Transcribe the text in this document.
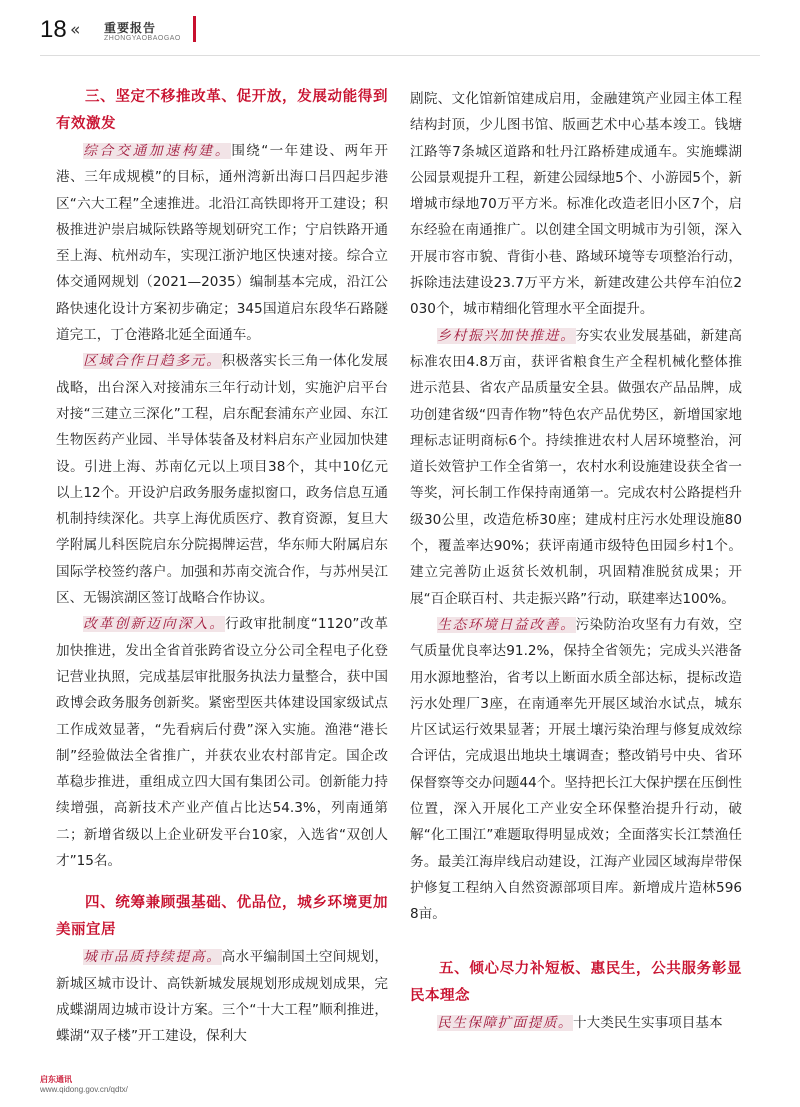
18 « 重要报告
ZHONGYAOBAOGAO

三、坚定不移推改革、促开放，发展动能得到有效激发

综合交通加速构建。围绕“一年建设、两年开港、三年成规模”的目标，通州湾新出海口吕四起步港区“六大工程”全速推进。北沿江高铁即将开工建设；积极推进沪崇启城际铁路等规划研究工作；宁启铁路开通至上海、杭州动车，实现江浙沪地区快速对接。综合立体交通网规划（2021—2035）编制基本完成，沿江公路快速化设计方案初步确定；345国道启东段华石路隧道完工，丁仓港路北延全面通车。

区域合作日趋多元。积极落实长三角一体化发展战略，出台深入对接浦东三年行动计划，实施沪启平台对接“三建立三深化”工程，启东配套浦东产业园、东江生物医药产业园、半导体装备及材料启东产业园加快建设。引进上海、苏南亿元以上项目38个，其中10亿元以上12个。开设沪启政务服务虚拟窗口，政务信息互通机制持续深化。共享上海优质医疗、教育资源，复旦大学附属儿科医院启东分院揭牌运营，华东师大附属启东国际学校签约落户。加强和苏南交流合作，与苏州吴江区、无锡滨湖区签订战略合作协议。

改革创新迈向深入。行政审批制度“1120”改革加快推进，发出全省首张跨省设立分公司全程电子化登记营业执照，完成基层审批服务执法力量整合，获中国政博会政务服务创新奖。紧密型医共体建设国家级试点工作成效显著，“先看病后付费”深入实施。渔港“港长制”经验做法全省推广，并获农业农村部肯定。国企改革稳步推进，重组成立四大国有集团公司。创新能力持续增强，高新技术产业产值占比达54.3%，列南通第二；新增省级以上企业研发平台10家，入选省“双创人才”15名。

四、统筹兼顾强基础、优品位，城乡环境更加美丽宜居

城市品质持续提高。高水平编制国土空间规划，新城区城市设计、高铁新城发展规划形成规划成果，完成蝶湖周边城市设计方案。三个“十大工程”顺利推进，蝶湖“双子楼”开工建设，保利大

剧院、文化馆新馆建成启用，金融建筑产业园主体工程结构封顶，少儿图书馆、版画艺术中心基本竣工。钱塘江路等7条城区道路和牡丹江路桥建成通车。实施蝶湖公园景观提升工程，新建公园绿地5个、小游园5个，新增城市绿地70万平方米。标准化改造老旧小区7个，启东经验在南通推广。以创建全国文明城市为引领，深入开展市容市貌、背街小巷、路域环境等专项整治行动，拆除违法建设23.7万平方米，新建改建公共停车泊位2030个，城市精细化管理水平全面提升。

乡村振兴加快推进。夯实农业发展基础，新建高标准农田4.8万亩，获评省粮食生产全程机械化整体推进示范县、省农产品质量安全县。做强农产品品牌，成功创建省级“四青作物”特色农产品优势区，新增国家地理标志证明商标6个。持续推进农村人居环境整治，河道长效管护工作全省第一，农村水利设施建设获全省一等奖，河长制工作保持南通第一。完成农村公路提档升级30公里，改造危桥30座；建成村庄污水处理设施80个，覆盖率达90%；获评南通市级特色田园乡村1个。建立完善防止返贫长效机制，巩固精准脱贫成果；开展“百企联百村、共走振兴路”行动，联建率达100%。

生态环境日益改善。污染防治攻坚有力有效，空气质量优良率达91.2%，保持全省领先；完成头兴港备用水源地整治，省考以上断面水质全部达标，提标改造污水处理厂3座，在南通率先开展区域治水试点，城东片区试运行效果显著；开展土壤污染治理与修复成效综合评估，完成退出地块土壤调查；整改销号中央、省环保督察等交办问题44个。坚持把长江大保护摆在压倒性位置，深入开展化工产业安全环保整治提升行动，破解“化工围江”难题取得明显成效；全面落实长江禁渔任务。最美江海岸线启动建设，江海产业园区域海岸带保护修复工程纳入自然资源部项目库。新增成片造林5968亩。

五、倾心尽力补短板、惠民生，公共服务彰显民本理念

民生保障扩面提质。十大类民生实事项目基本

启东通讯
www.qidong.gov.cn/qdtx/
